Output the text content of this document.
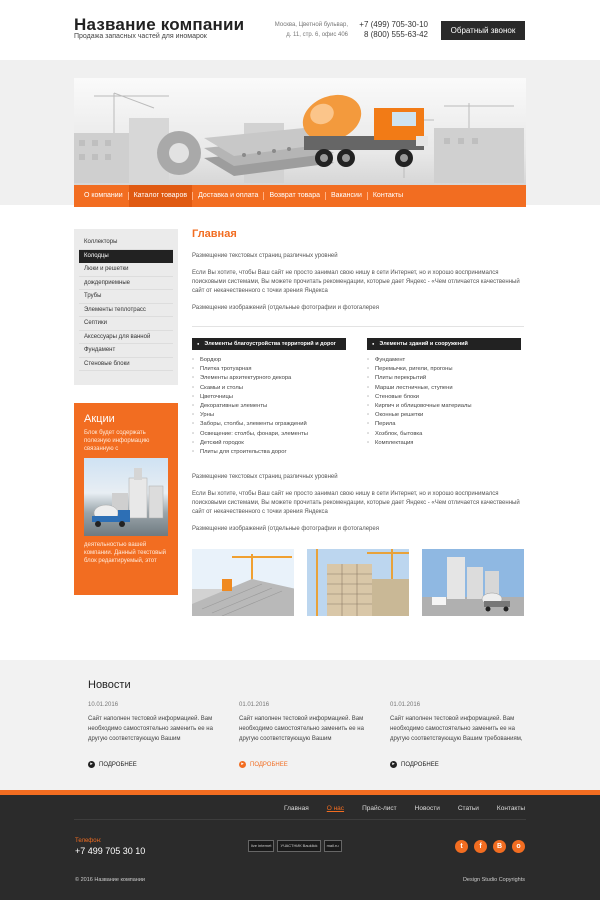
Название компании
Продажа запасных частей для иномарок
Москва, Цветной бульвар,
д. 11, стр. 6, офис 406
+7 (499) 705-30-10
8 (800) 555-63-42	Обратный звонок
О компании	Каталог товаров	Доставка и оплата	Возврат товара	Вакансии	Контакты
Коллекторы
Колодцы
Люки и решетки
дождеприемные
Трубы
Элементы теплотрасс
Септики
Аксессуары для ванной
Фундамент
Стеновые блоки
Акции
Блок будет содержать полезную информацию связанную с
деятельностью вашей компании. Данный текстовый блок редактируемый, этот
Главная
Размещение текстовых страниц различных уровней
Если Вы хотите, чтобы Ваш сайт не просто занимал свою нишу в сети Интернет, но и хорошо воспринимался поисковыми системами, Вы можете прочитать рекомендации, которые дает Яндекс - «Чем отличается качественный сайт от некачественного с точки зрения Яндекса
Размещение изображений (отдельные фотографии и фотогалерея
● Элементы благоустройства территорий и дорог
▫ Бордюр
▫ Плитка тротуарная
▫ Элементы архитектурного декора
▫ Скамьи и столы
▫ Цветочницы
▫ Декоративные элементы
▫ Урны
▫ Заборы, столбы, элементы ограждений
▫ Освещение: столбы, фонари, элементы
▫ Детский городок
▫ Плиты для строительства дорог
● Элементы зданий и сооружений
▫ Фундамент
▫ Перемычки, ригели, прогоны
▫ Плиты перекрытий
▫ Марши лестничные, ступени
▫ Стеновые блоки
▫ Кирпич и облицовочные материалы
▫ Оконные решетки
▫ Перила
▫ Хозблок, бытовка
▫ Комплектация
Размещение текстовых страниц различных уровней
Если Вы хотите, чтобы Ваш сайт не просто занимал свою нишу в сети Интернет, но и хорошо воспринимался поисковыми системами, Вы можете прочитать рекомендации, которые дает Яндекс - «Чем отличается качественный сайт от некачественного с точки зрения Яндекса
Размещение изображений (отдельные фотографии и фотогалерея
Новости
10.01.2016
Сайт наполнен тестовой информацией. Вам необходимо самостоятельно заменить ее на другую соответствующую Вашим
▸	ПОДРОБНЕЕ
01.01.2016
Сайт наполнен тестовой информацией. Вам необходимо самостоятельно заменить ее на другую соответствующую Вашим
▸	ПОДРОБНЕЕ
01.01.2016
Сайт наполнен тестовой информацией. Вам необходимо самостоятельно заменить ее на другую соответствующую Вашим требованиям,
▸	ПОДРОБНЕЕ
Главная	О нас	Прайс-лист	Новости	Статьи	Контакты
Телефон:
+7 499 705 30 10
live internet	УЧАСТНИК Bauklick	mail.ru	t	f	B	o
© 2016 Название компании	Design Studio Copyrights
